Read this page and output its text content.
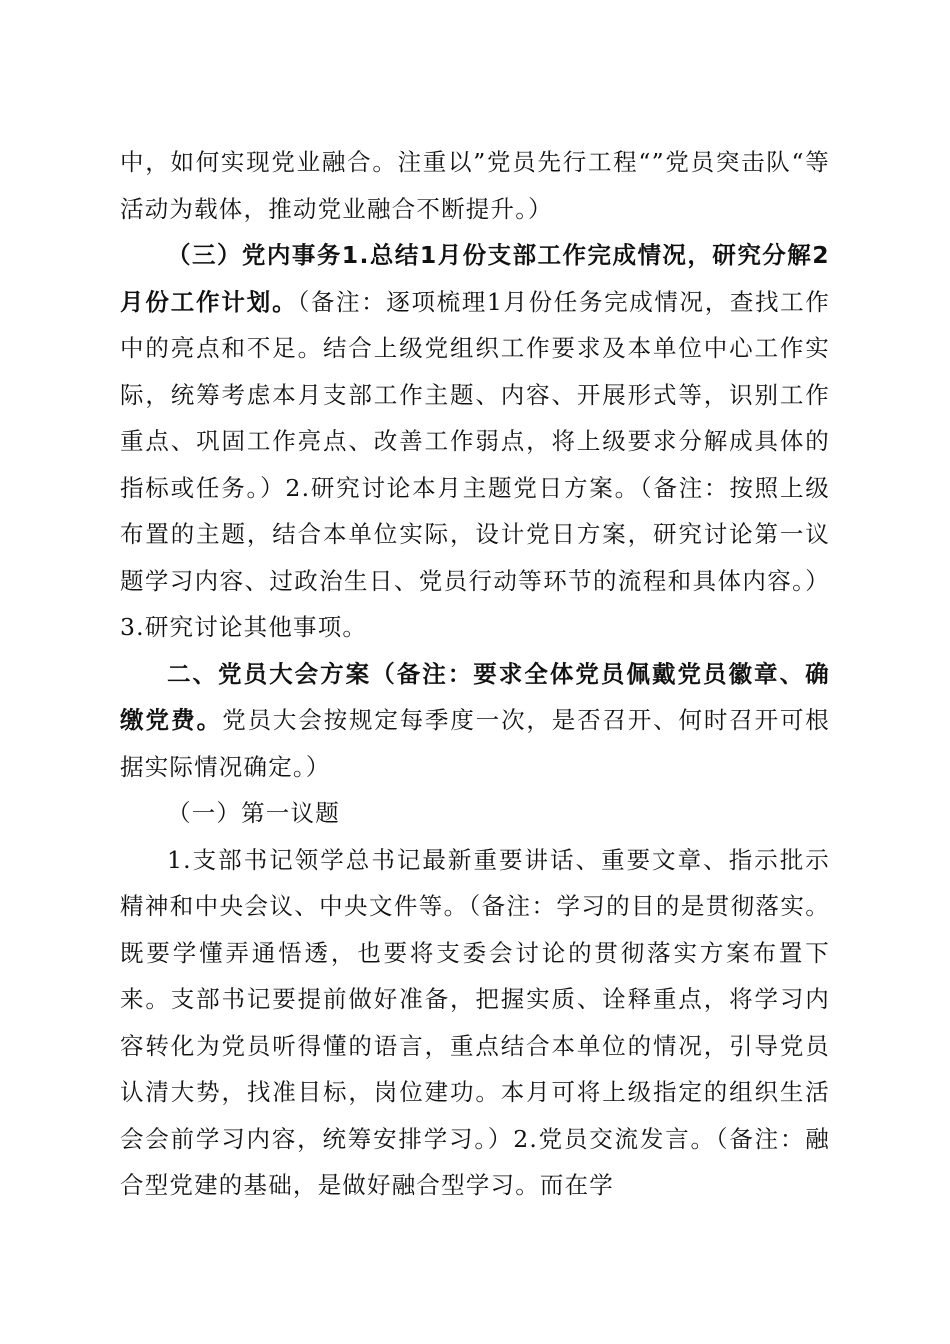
中，如何实现党业融合。注重以”党员先行工程“”党员突击队“等活动为载体，推动党业融合不断提升。）

（三）党内事务1.总结1月份支部工作完成情况，研究分解2月份工作计划。（备注：逐项梳理1月份任务完成情况，查找工作中的亮点和不足。结合上级党组织工作要求及本单位中心工作实际，统筹考虑本月支部工作主题、内容、开展形式等，识别工作重点、巩固工作亮点、改善工作弱点，将上级要求分解成具体的指标或任务。）2.研究讨论本月主题党日方案。（备注：按照上级布置的主题，结合本单位实际，设计党日方案，研究讨论第一议题学习内容、过政治生日、党员行动等环节的流程和具体内容。）3.研究讨论其他事项。

二、党员大会方案（备注：要求全体党员佩戴党员徽章、确缴党费。党员大会按规定每季度一次，是否召开、何时召开可根据实际情况确定。）

（一）第一议题

1.支部书记领学总书记最新重要讲话、重要文章、指示批示精神和中央会议、中央文件等。（备注：学习的目的是贯彻落实。既要学懂弄通悟透，也要将支委会讨论的贯彻落实方案布置下来。支部书记要提前做好准备，把握实质、诠释重点，将学习内容转化为党员听得懂的语言，重点结合本单位的情况，引导党员认清大势，找准目标，岗位建功。本月可将上级指定的组织生活会会前学习内容，统筹安排学习。）2.党员交流发言。（备注：融合型党建的基础，是做好融合型学习。而在学
